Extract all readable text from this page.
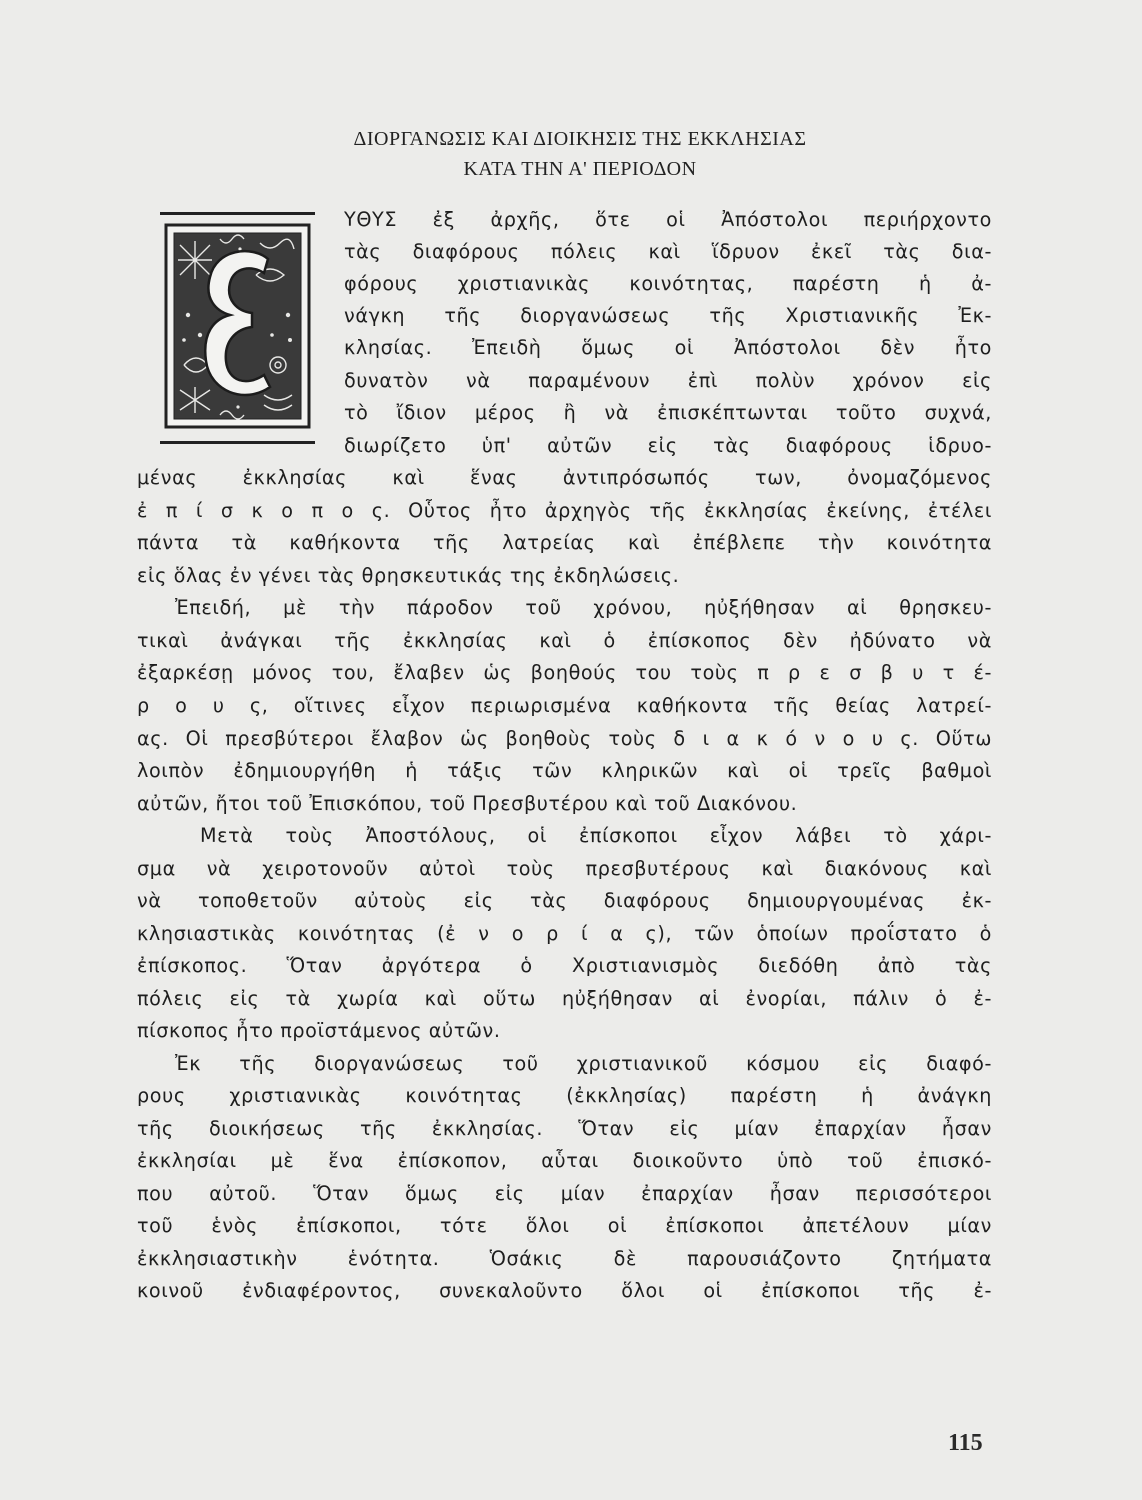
ΔΙΟΡΓΑΝΩΣΙΣ ΚΑΙ ΔΙΟΙΚΗΣΙΣ ΤΗΣ ΕΚΚΛΗΣΙΑΣ
ΚΑΤΑ ΤΗΝ Α' ΠΕΡΙΟΔΟΝ
ΥΘΥΣ ἐξ ἀρχῆς, ὅτε οἱ Ἀπόστολοι περιήρχοντο
τὰς διαφόρους πόλεις καὶ ἵδρυον ἐκεῖ τὰς δια-
φόρους χριστιανικὰς κοινότητας, παρέστη ἡ ἀ-
νάγκη τῆς διοργανώσεως τῆς Χριστιανικῆς Ἐκ-
κλησίας. Ἐπειδὴ ὅμως οἱ Ἀπόστολοι δὲν ἦτο
δυνατὸν νὰ παραμένουν ἐπὶ πολὺν χρόνον εἰς
τὸ ἴδιον μέρος ἢ νὰ ἐπισκέπτωνται τοῦτο συχνά,
διωρίζετο ὑπ' αὐτῶν εἰς τὰς διαφόρους ἱδρυο-
μένας ἐκκλησίας καὶ ἕνας ἀντιπρόσωπός των, ὀνομαζόμενος
ἐ π ί σ κ ο π ο ς. Οὗτος ἦτο ἀρχηγὸς τῆς ἐκκλησίας ἐκείνης, ἐτέλει
πάντα τὰ καθήκοντα τῆς λατρείας καὶ ἐπέβλεπε τὴν κοινότητα
εἰς ὅλας ἐν γένει τὰς θρησκευτικάς της ἐκδηλώσεις.
Ἐπειδή, μὲ τὴν πάροδον τοῦ χρόνου, ηὐξήθησαν αἱ θρησκευ-
τικαὶ ἀνάγκαι τῆς ἐκκλησίας καὶ ὁ ἐπίσκοπος δὲν ἠδύνατο νὰ
ἐξαρκέσῃ μόνος του, ἔλαβεν ὡς βοηθούς του τοὺς π ρ ε σ β υ τ έ-
ρ ο υ ς, οἵτινες εἶχον περιωρισμένα καθήκοντα τῆς θείας λατρεί-
ας. Οἱ πρεσβύτεροι ἔλαβον ὡς βοηθοὺς τοὺς δ ι α κ ό ν ο υ ς. Οὕτω
λοιπὸν ἐδημιουργήθη ἡ τάξις τῶν κληρικῶν καὶ οἱ τρεῖς βαθμοὶ
αὐτῶν, ἤτοι τοῦ Ἐπισκόπου, τοῦ Πρεσβυτέρου καὶ τοῦ Διακόνου.
Μετὰ τοὺς Ἀποστόλους, οἱ ἐπίσκοποι εἶχον λάβει τὸ χάρι-
σμα νὰ χειροτονοῦν αὐτοὶ τοὺς πρεσβυτέρους καὶ διακόνους καὶ
νὰ τοποθετοῦν αὐτοὺς εἰς τὰς διαφόρους δημιουργουμένας ἐκ-
κλησιαστικὰς κοινότητας (ἐ ν ο ρ ί α ς), τῶν ὁποίων προΐστατο ὁ
ἐπίσκοπος. Ὅταν ἀργότερα ὁ Χριστιανισμὸς διεδόθη ἀπὸ τὰς
πόλεις εἰς τὰ χωρία καὶ οὕτω ηὐξήθησαν αἱ ἐνορίαι, πάλιν ὁ ἐ-
πίσκοπος ἦτο προϊστάμενος αὐτῶν.
Ἐκ τῆς διοργανώσεως τοῦ χριστιανικοῦ κόσμου εἰς διαφό-
ρους χριστιανικὰς κοινότητας (ἐκκλησίας) παρέστη ἡ ἀνάγκη
τῆς διοικήσεως τῆς ἐκκλησίας. Ὅταν εἰς μίαν ἐπαρχίαν ἦσαν
ἐκκλησίαι μὲ ἕνα ἐπίσκοπον, αὗται διοικοῦντο ὑπὸ τοῦ ἐπισκό-
που αὐτοῦ. Ὅταν ὅμως εἰς μίαν ἐπαρχίαν ἦσαν περισσότεροι
τοῦ ἑνὸς ἐπίσκοποι, τότε ὅλοι οἱ ἐπίσκοποι ἀπετέλουν μίαν
ἐκκλησιαστικὴν ἑνότητα. Ὁσάκις δὲ παρουσιάζοντο ζητήματα
κοινοῦ ἐνδιαφέροντος, συνεκαλοῦντο ὅλοι οἱ ἐπίσκοποι τῆς ἐ-
115
